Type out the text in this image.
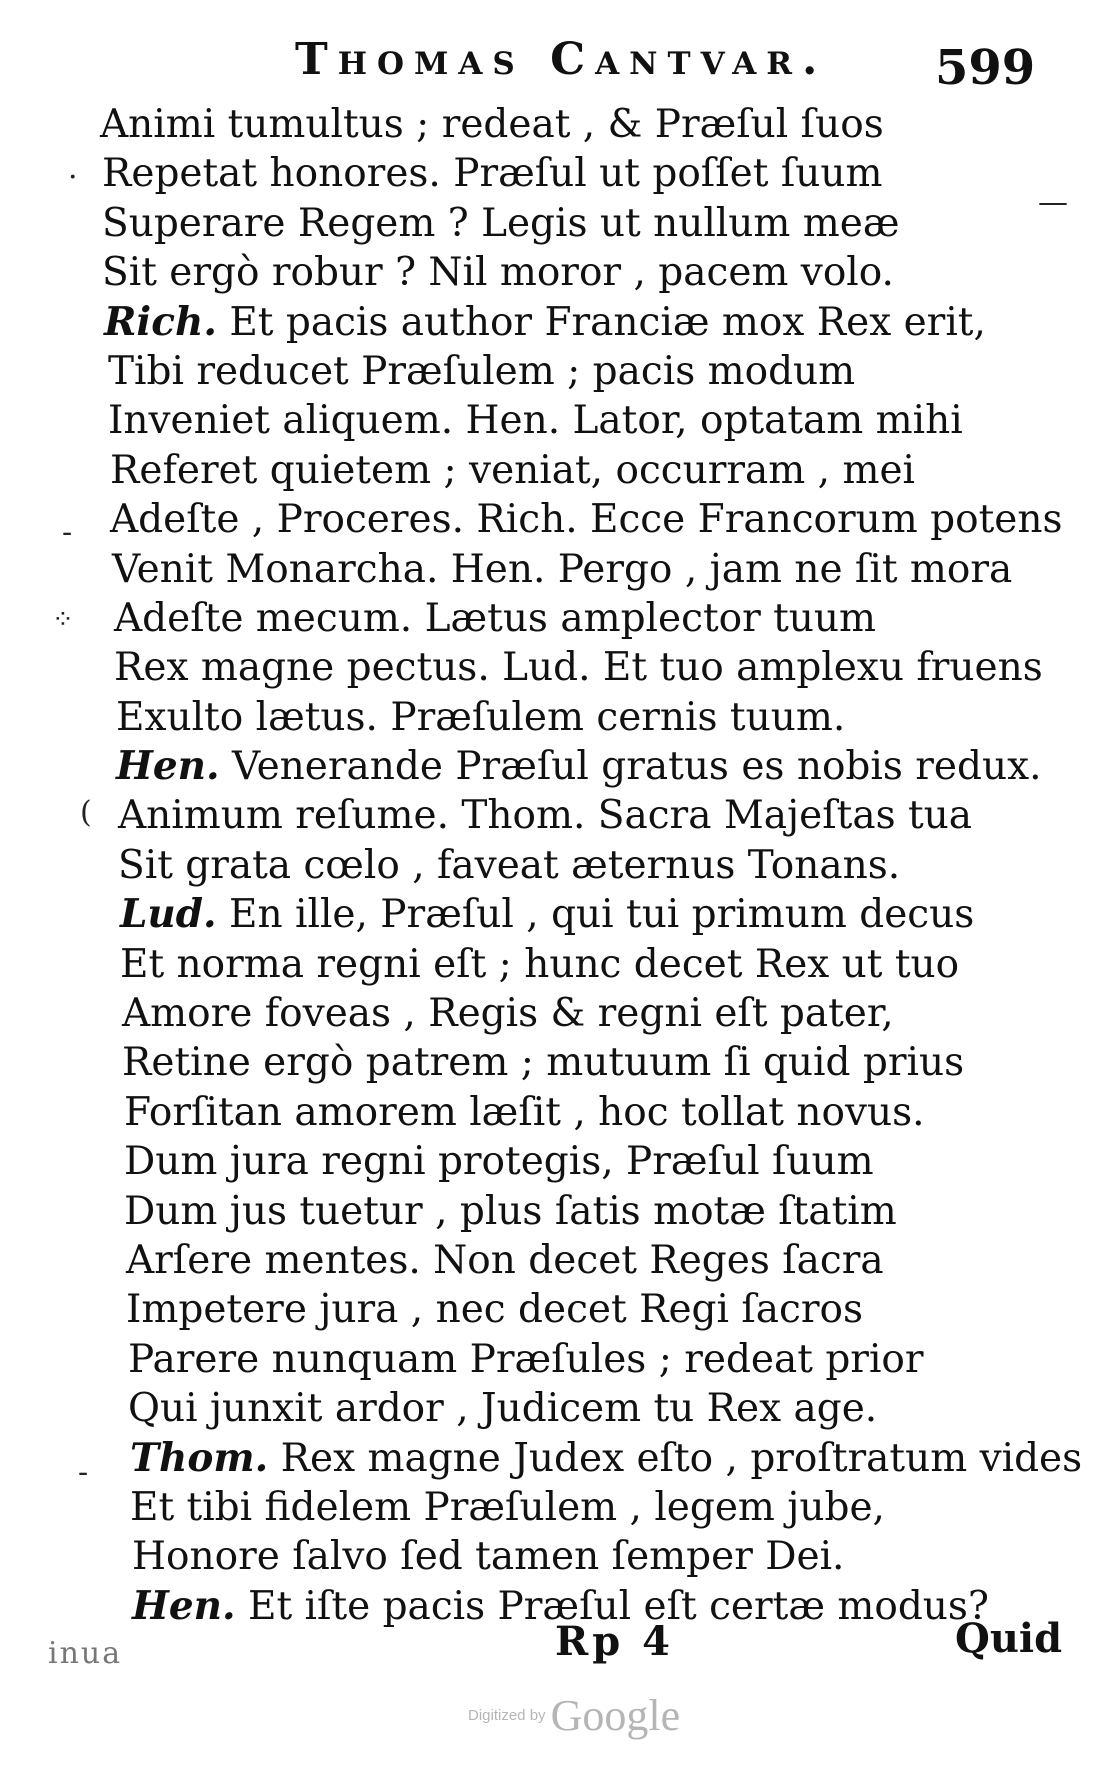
Thomas Cantvar. 599
Animi tumultus ; redeat , & Præſul ſuos
Repetat honores. Præſul ut poſſet ſuum
Superare Regem ? Legis ut nullum meæ
Sit ergò robur ? Nil moror , pacem volo.
Rich. Et pacis author Franciæ mox Rex erit,
Tibi reducet Præſulem ; pacis modum
Inveniet aliquem. Hen. Lator, optatam mihi
Referet quietem ; veniat, occurram , mei
Adeſte , Proceres. Rich. Ecce Francorum potens
Venit Monarcha. Hen. Pergo , jam ne ſit mora
Adeſte mecum. Lætus amplector tuum
Rex magne pectus. Lud. Et tuo amplexu fruens
Exulto lætus. Præſulem cernis tuum.
Hen. Venerande Præſul gratus es nobis redux.
Animum reſume. Thom. Sacra Majeſtas tua
Sit grata cœlo , faveat æternus Tonans.
Lud. En ille, Præſul , qui tui primum decus
Et norma regni eſt ; hunc decet Rex ut tuo
Amore foveas , Regis & regni eſt pater,
Retine ergò patrem ; mutuum ſi quid prius
Forſitan amorem læſit , hoc tollat novus.
Dum jura regni protegis, Præſul ſuum
Dum jus tuetur , plus ſatis motæ ſtatim
Arſere mentes. Non decet Reges ſacra
Impetere jura , nec decet Regi ſacros
Parere nunquam Præſules ; redeat prior
Qui junxit ardor , Judicem tu Rex age.
Thom. Rex magne Judex eſto , proſtratum vides
Et tibi fidelem Præſulem , legem jube,
Honore ſalvo ſed tamen ſemper Dei.
Hen. Et iſte pacis Præſul eſt certæ modus?
Rp 4	Quid
inua
·
⁘
(
-
—
-
Digitized by Google
